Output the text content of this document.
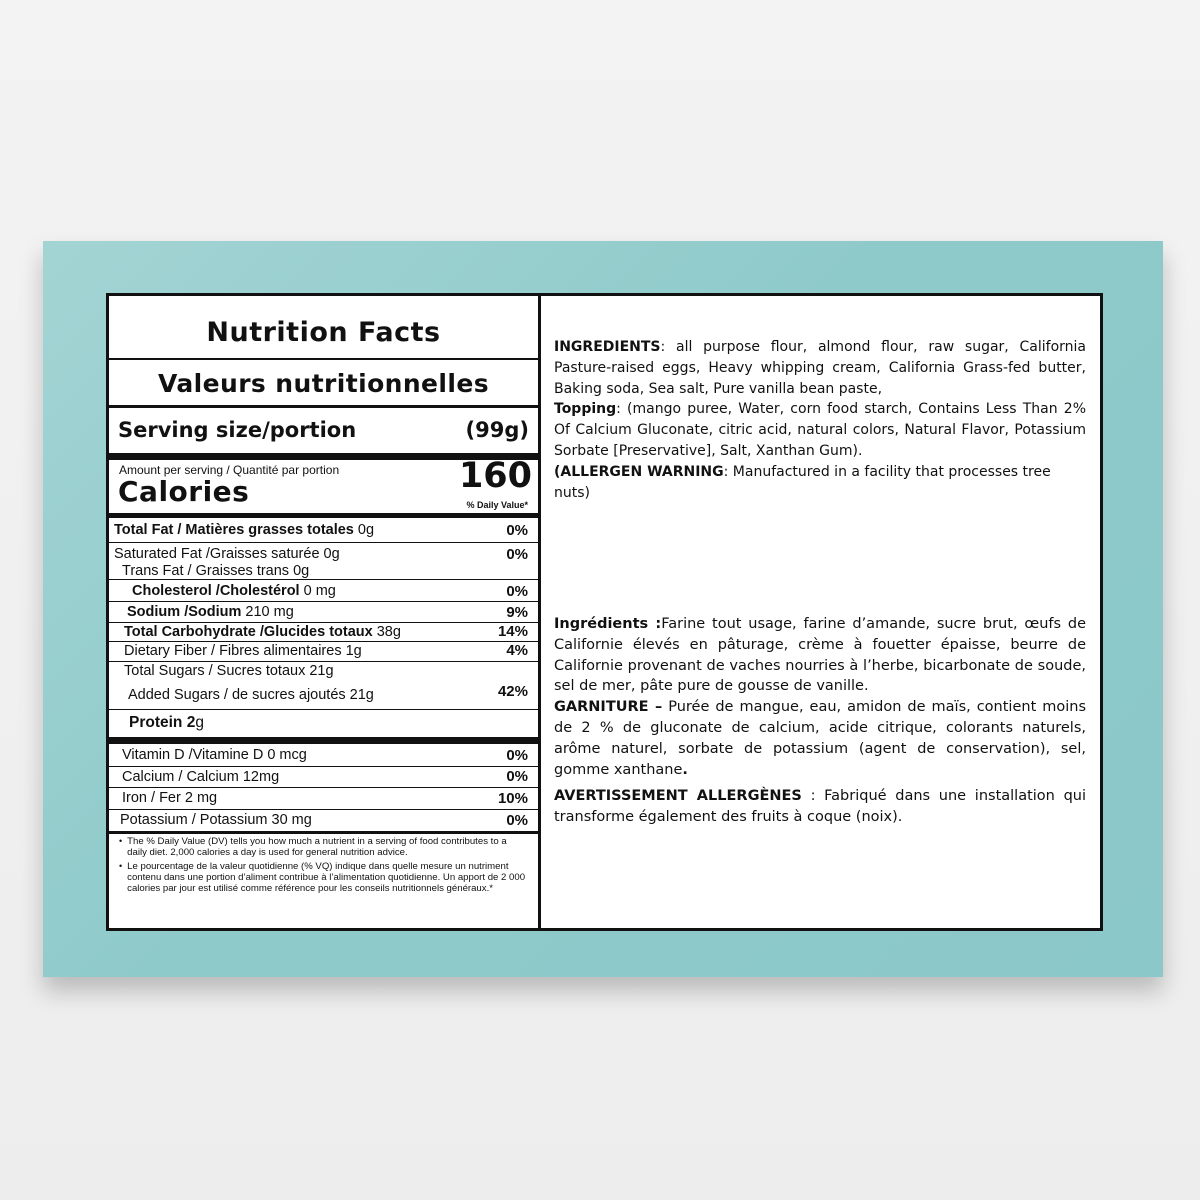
Nutrition Facts
Valeurs nutritionnelles
Serving size/portion	(99g)
Amount per serving / Quantité par portion
Calories	160
% Daily Value*
Total Fat / Matières grasses totales 0g	0%
Saturated Fat /Graisses saturée 0g	0%
Trans Fat / Graisses trans 0g
Cholesterol /Cholestérol 0 mg	0%
Sodium /Sodium 210 mg	9%
Total Carbohydrate /Glucides totaux 38g	14%
Dietary Fiber / Fibres alimentaires 1g	4%
Total Sugars / Sucres totaux 21g
Added Sugars / de sucres ajoutés 21g	42%
Protein 2g
Vitamin D /Vitamine D 0 mcg	0%
Calcium / Calcium 12mg	0%
Iron / Fer 2 mg	10%
Potassium / Potassium 30 mg	0%
• The % Daily Value (DV) tells you how much a nutrient in a serving of food contributes to a daily diet. 2,000 calories a day is used for general nutrition advice.
• Le pourcentage de la valeur quotidienne (% VQ) indique dans quelle mesure un nutriment contenu dans une portion d’aliment contribue à l’alimentation quotidienne. Un apport de 2 000 calories par jour est utilisé comme référence pour les conseils nutritionnels généraux.*

INGREDIENTS: all purpose flour, almond flour, raw sugar, California Pasture-raised eggs, Heavy whipping cream, California Grass-fed butter, Baking soda, Sea salt, Pure vanilla bean paste,

Topping: (mango puree, Water, corn food starch, Contains Less Than 2% Of Calcium Gluconate, citric acid, natural colors, Natural Flavor, Potassium Sorbate [Preservative], Salt, Xanthan Gum).

(ALLERGEN WARNING: Manufactured in a facility that processes tree nuts)

Ingrédients :Farine tout usage, farine d’amande, sucre brut, œufs de Californie élevés en pâturage, crème à fouetter épaisse, beurre de Californie provenant de vaches nourries à l’herbe, bicarbonate de soude, sel de mer, pâte pure de gousse de vanille.

GARNITURE – Purée de mangue, eau, amidon de maïs, contient moins de 2 % de gluconate de calcium, acide citrique, colorants naturels, arôme naturel, sorbate de potassium (agent de conservation), sel, gomme xanthane.

AVERTISSEMENT ALLERGÈNES : Fabriqué dans une installation qui transforme également des fruits à coque (noix).
